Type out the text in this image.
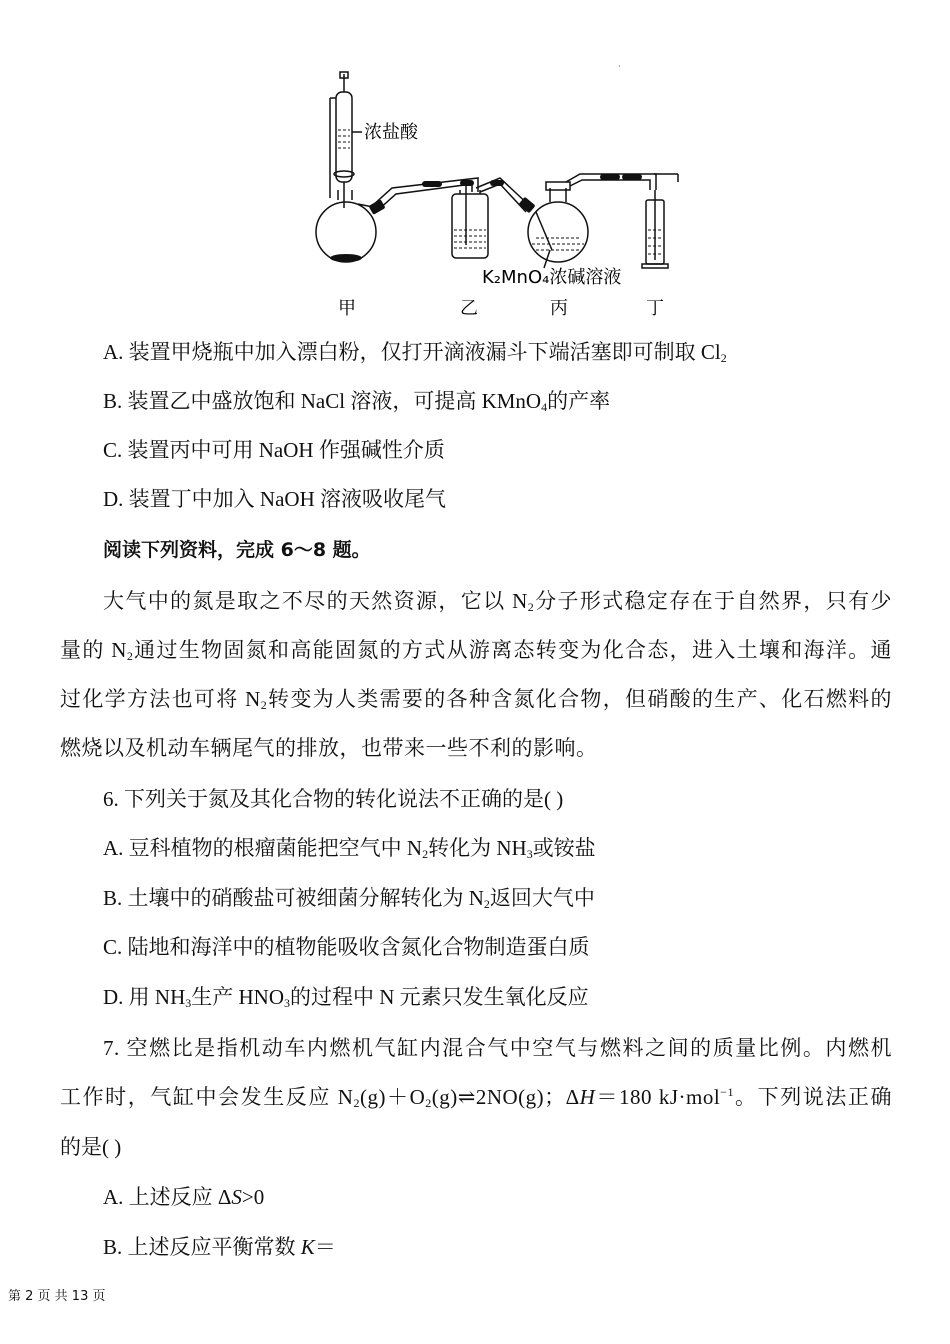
·
浓盐酸
K₂MnO₄浓碱溶液
甲	乙	丙	丁
A. 装置甲烧瓶中加入漂白粉，仅打开滴液漏斗下端活塞即可制取 $Cl_2$
B. 装置乙中盛放饱和 NaCl 溶液，可提高 KMnO$_4$的产率
C. 装置丙中可用 NaOH 作强碱性介质
D. 装置丁中加入 NaOH 溶液吸收尾气
阅读下列资料，完成 6～8 题。
大气中的氮是取之不尽的天然资源，它以 $N_2$分子形式稳定存在于自然界，只有少
量的 $N_2$通过生物固氮和高能固氮的方式从游离态转变为化合态，进入土壤和海洋。通
过化学方法也可将 $N_2$转变为人类需要的各种含氮化合物，但硝酸的生产、化石燃料的
燃烧以及机动车辆尾气的排放，也带来一些不利的影响。
6. 下列关于氮及其化合物的转化说法不正确的是( )
A. 豆科植物的根瘤菌能把空气中 $N_2$转化为 $NH_3$或铵盐
B. 土壤中的硝酸盐可被细菌分解转化为 $N_2$返回大气中
C. 陆地和海洋中的植物能吸收含氮化合物制造蛋白质
D. 用 $NH_3$生产 $HNO_3$的过程中 N 元素只发生氧化反应
7. 空燃比是指机动车内燃机气缸内混合气中空气与燃料之间的质量比例。内燃机
工作时，气缸中会发生反应 $N_2(g)+O_2(g)\rightleftharpoons 2NO(g)$；ΔH＝180 kJ·mol$^{-1}$。下列说法正确
的是( )
A. 上述反应 ΔS>0
B. 上述反应平衡常数 K＝
第 2 页 共 13 页
